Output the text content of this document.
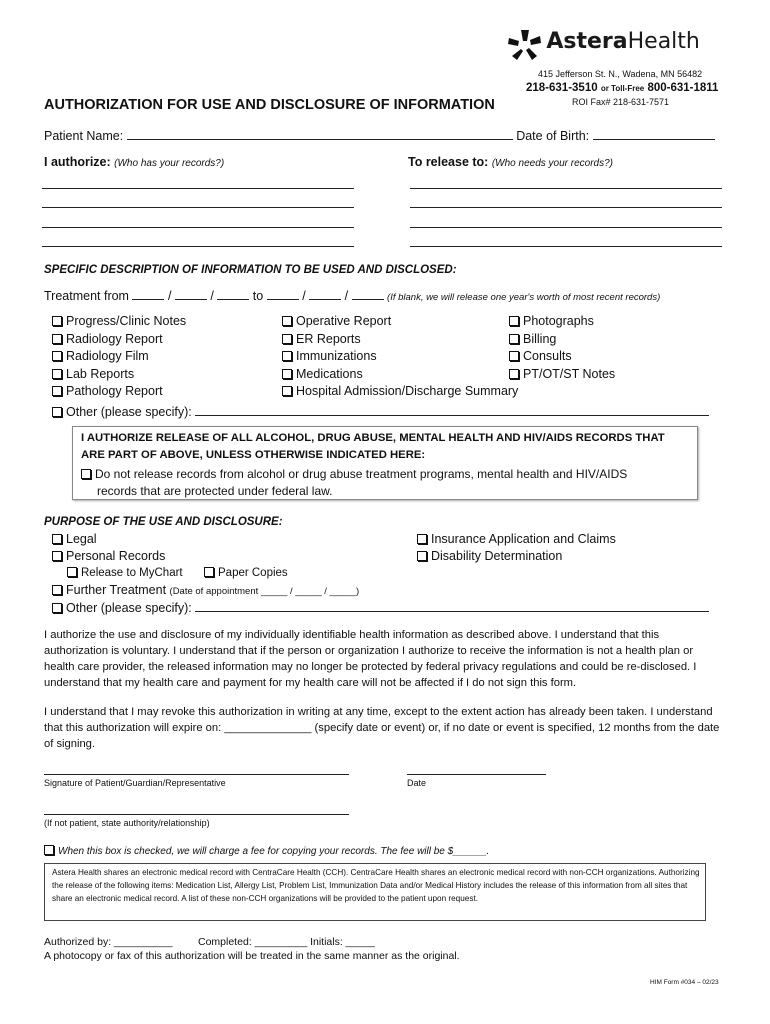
AsteraHealth
415 Jefferson St. N., Wadena, MN 56482
218-631-3510 or Toll-Free 800-631-1811
ROI Fax# 218-631-7571
AUTHORIZATION FOR USE AND DISCLOSURE OF INFORMATION
Patient Name:	Date of Birth:
I authorize: (Who has your records?)	To release to: (Who needs your records?)
SPECIFIC DESCRIPTION OF INFORMATION TO BE USED AND DISCLOSED:
Treatment from	/	/	to	/	/	(If blank, we will release one year's worth of most recent records)
Progress/Clinic Notes
Radiology Report
Radiology Film
Lab Reports
Pathology Report
Operative Report
ER Reports
Immunizations
Medications
Hospital Admission/Discharge Summary
Photographs
Billing
Consults
PT/OT/ST Notes
Other (please specify):
I AUTHORIZE RELEASE OF ALL ALCOHOL, DRUG ABUSE, MENTAL HEALTH AND HIV/AIDS RECORDS THAT
ARE PART OF ABOVE, UNLESS OTHERWISE INDICATED HERE:
Do not release records from alcohol or drug abuse treatment programs, mental health and HIV/AIDS
records that are protected under federal law.
PURPOSE OF THE USE AND DISCLOSURE:
Legal
Personal Records
Release to MyChart	Paper Copies
Further Treatment (Date of appointment _____ / _____ / _____)
Other (please specify):
Insurance Application and Claims
Disability Determination
I authorize the use and disclosure of my individually identifiable health information as described above. I understand that this authorization is voluntary. I understand that if the person or organization I authorize to receive the information is not a health plan or health care provider, the released information may no longer be protected by federal privacy regulations and could be re-disclosed. I understand that my health care and payment for my health care will not be affected if I do not sign this form.
I understand that I may revoke this authorization in writing at any time, except to the extent action has already been taken. I understand that this authorization will expire on: ______________ (specify date or event) or, if no date or event is specified, 12 months from the date of signing.
Signature of Patient/Guardian/Representative	Date
(If not patient, state authority/relationship)
When this box is checked, we will charge a fee for copying your records. The fee will be $______.
Astera Health shares an electronic medical record with CentraCare Health (CCH). CentraCare Health shares an electronic medical record with non-CCH organizations. Authorizing the release of the following items: Medication List, Allergy List, Problem List, Immunization Data and/or Medical History includes the release of this information from all sites that share an electronic medical record. A list of these non-CCH organizations will be provided to the patient upon request.
Authorized by: __________ Completed: _________ Initials: _____
A photocopy or fax of this authorization will be treated in the same manner as the original.
HIM Form #034 – 02/23
